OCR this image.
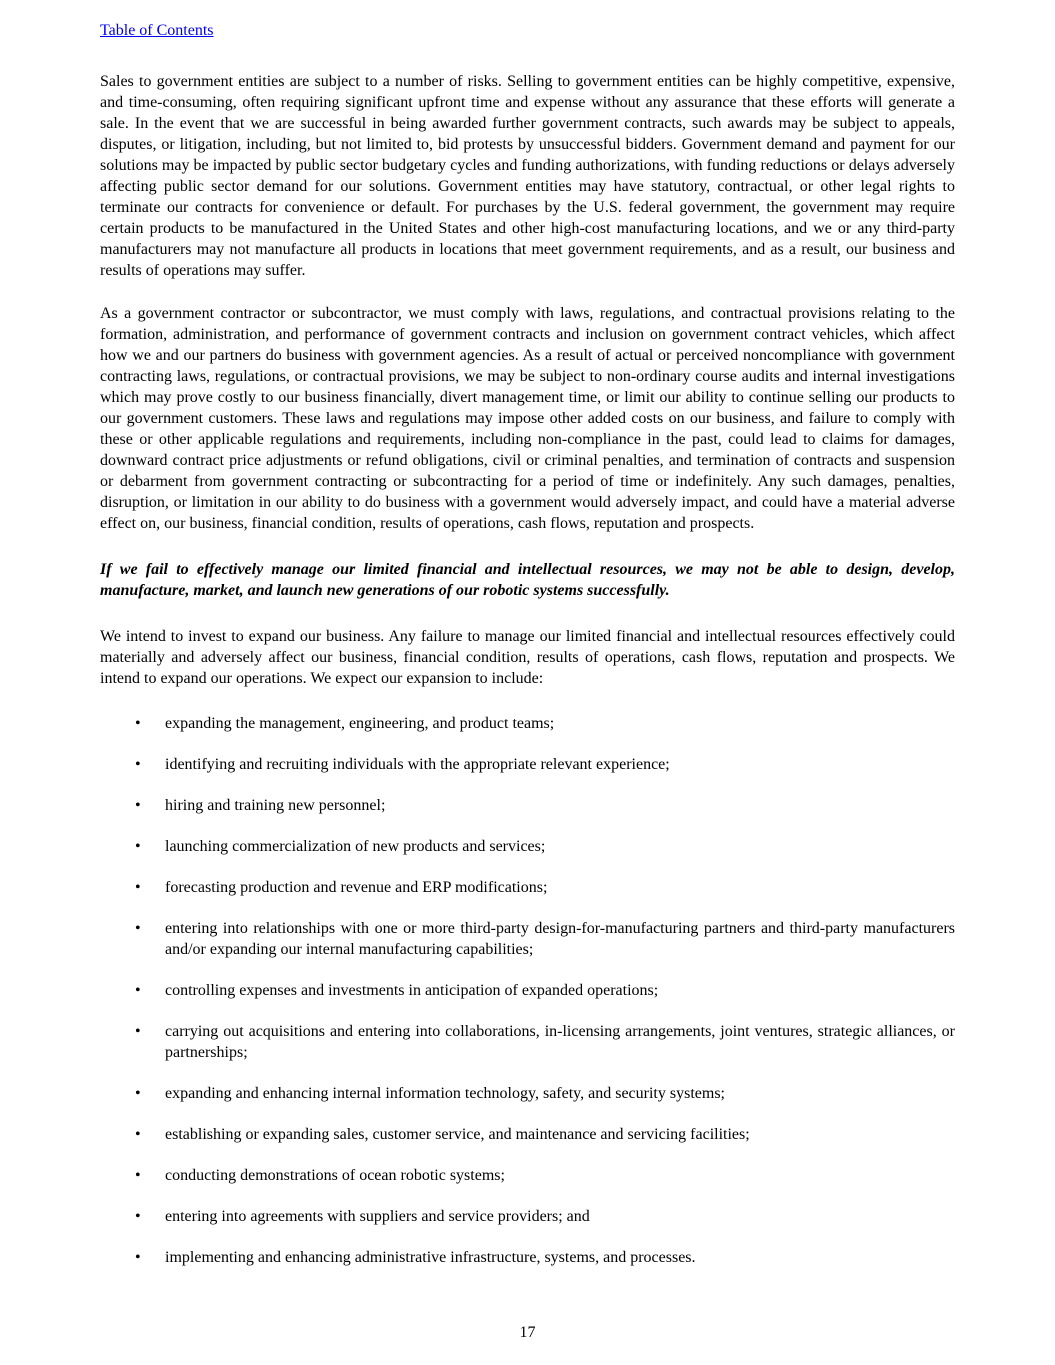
Table of Contents

Sales to government entities are subject to a number of risks. Selling to government entities can be highly competitive, expensive, and time-consuming, often requiring significant upfront time and expense without any assurance that these efforts will generate a sale. In the event that we are successful in being awarded further government contracts, such awards may be subject to appeals, disputes, or litigation, including, but not limited to, bid protests by unsuccessful bidders. Government demand and payment for our solutions may be impacted by public sector budgetary cycles and funding authorizations, with funding reductions or delays adversely affecting public sector demand for our solutions. Government entities may have statutory, contractual, or other legal rights to terminate our contracts for convenience or default. For purchases by the U.S. federal government, the government may require certain products to be manufactured in the United States and other high-cost manufacturing locations, and we or any third-party manufacturers may not manufacture all products in locations that meet government requirements, and as a result, our business and results of operations may suffer.

As a government contractor or subcontractor, we must comply with laws, regulations, and contractual provisions relating to the formation, administration, and performance of government contracts and inclusion on government contract vehicles, which affect how we and our partners do business with government agencies. As a result of actual or perceived noncompliance with government contracting laws, regulations, or contractual provisions, we may be subject to non-ordinary course audits and internal investigations which may prove costly to our business financially, divert management time, or limit our ability to continue selling our products to our government customers. These laws and regulations may impose other added costs on our business, and failure to comply with these or other applicable regulations and requirements, including non-compliance in the past, could lead to claims for damages, downward contract price adjustments or refund obligations, civil or criminal penalties, and termination of contracts and suspension or debarment from government contracting or subcontracting for a period of time or indefinitely. Any such damages, penalties, disruption, or limitation in our ability to do business with a government would adversely impact, and could have a material adverse effect on, our business, financial condition, results of operations, cash flows, reputation and prospects.

If we fail to effectively manage our limited financial and intellectual resources, we may not be able to design, develop, manufacture, market, and launch new generations of our robotic systems successfully.

We intend to invest to expand our business. Any failure to manage our limited financial and intellectual resources effectively could materially and adversely affect our business, financial condition, results of operations, cash flows, reputation and prospects. We intend to expand our operations. We expect our expansion to include:

•	expanding the management, engineering, and product teams;
•	identifying and recruiting individuals with the appropriate relevant experience;
•	hiring and training new personnel;
•	launching commercialization of new products and services;
•	forecasting production and revenue and ERP modifications;
•	entering into relationships with one or more third-party design-for-manufacturing partners and third-party manufacturers and/or expanding our internal manufacturing capabilities;
•	controlling expenses and investments in anticipation of expanded operations;
•	carrying out acquisitions and entering into collaborations, in-licensing arrangements, joint ventures, strategic alliances, or partnerships;
•	expanding and enhancing internal information technology, safety, and security systems;
•	establishing or expanding sales, customer service, and maintenance and servicing facilities;
•	conducting demonstrations of ocean robotic systems;
•	entering into agreements with suppliers and service providers; and
•	implementing and enhancing administrative infrastructure, systems, and processes.
17
